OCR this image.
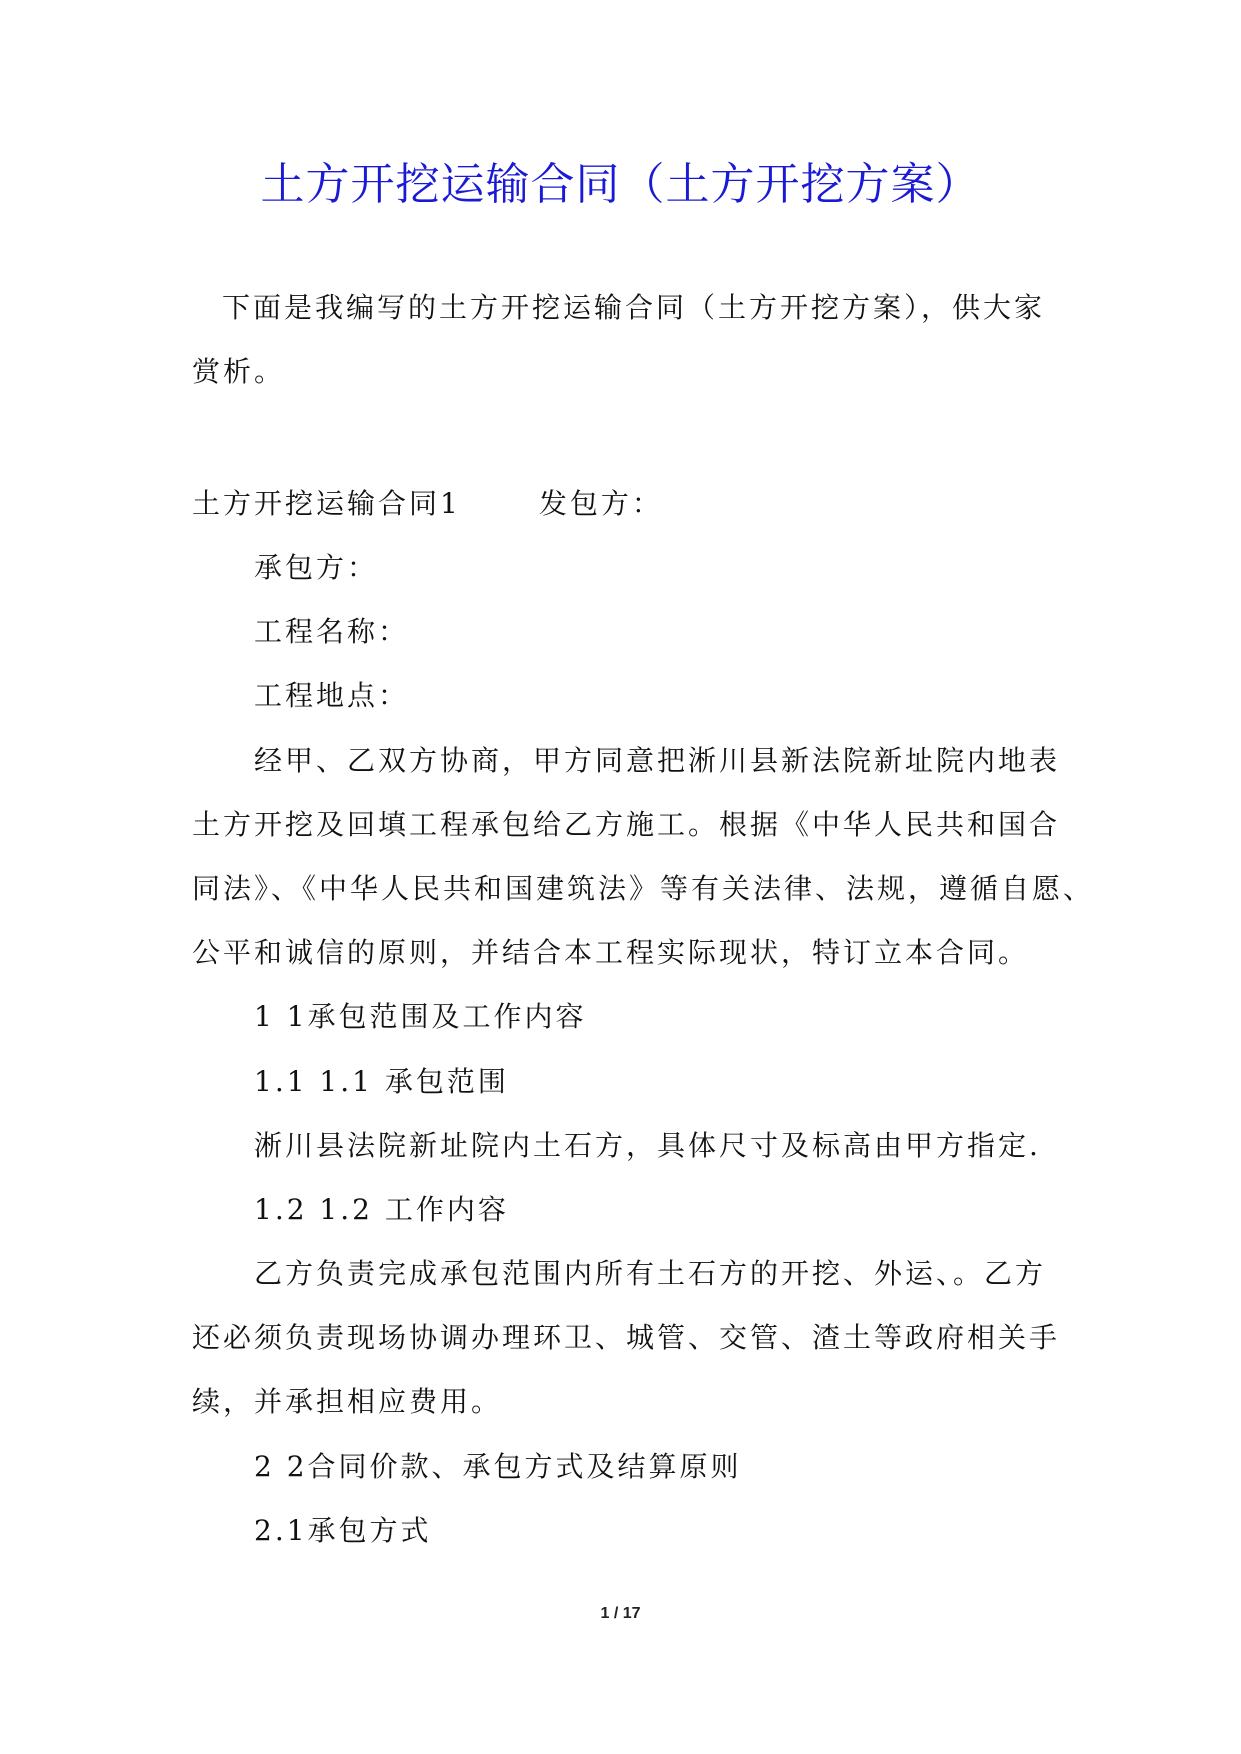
土方开挖运输合同（土方开挖方案）
下面是我编写的土方开挖运输合同（土方开挖方案），供大家
赏析。
土方开挖运输合同1	发包方：
承包方：
工程名称：
工程地点：
经甲、乙双方协商，甲方同意把淅川县新法院新址院内地表
土方开挖及回填工程承包给乙方施工。根据《中华人民共和国合
同法》、《中华人民共和国建筑法》等有关法律、法规，遵循自愿、
公平和诚信的原则，并结合本工程实际现状，特订立本合同。
1 1承包范围及工作内容
1.1 1.1 承包范围
淅川县法院新址院内土石方，具体尺寸及标高由甲方指定.
1.2 1.2 工作内容
乙方负责完成承包范围内所有土石方的开挖、外运、。乙方
还必须负责现场协调办理环卫、城管、交管、渣土等政府相关手
续，并承担相应费用。
2 2合同价款、承包方式及结算原则
2.1承包方式
1 / 17
